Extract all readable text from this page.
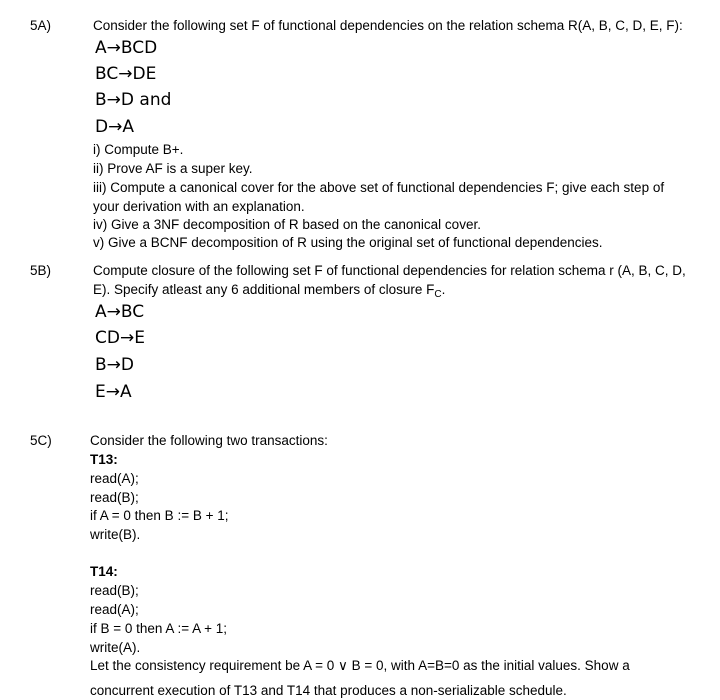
5A)	Consider the following set F of functional dependencies on the relation schema R(A, B, C, D, E, F):
A→BCD
BC→DE
B→D and
D→A
i) Compute B+.
ii) Prove AF is a super key.
iii) Compute a canonical cover for the above set of functional dependencies F; give each step of
your derivation with an explanation.
iv) Give a 3NF decomposition of R based on the canonical cover.
v) Give a BCNF decomposition of R using the original set of functional dependencies.
5B)	Compute closure of the following set F of functional dependencies for relation schema r (A, B, C, D,
E). Specify atleast any 6 additional members of closure $F_C$.
A→BC
CD→E
B→D
E→A
5C)	Consider the following two transactions:
T13:
read(A);
read(B);
if A = 0 then B := B + 1;
write(B).
T14:
read(B);
read(A);
if B = 0 then A := A + 1;
write(A).
Let the consistency requirement be A = 0 ∨ B = 0, with A=B=0 as the initial values. Show a
concurrent execution of T13 and T14 that produces a non-serializable schedule.
